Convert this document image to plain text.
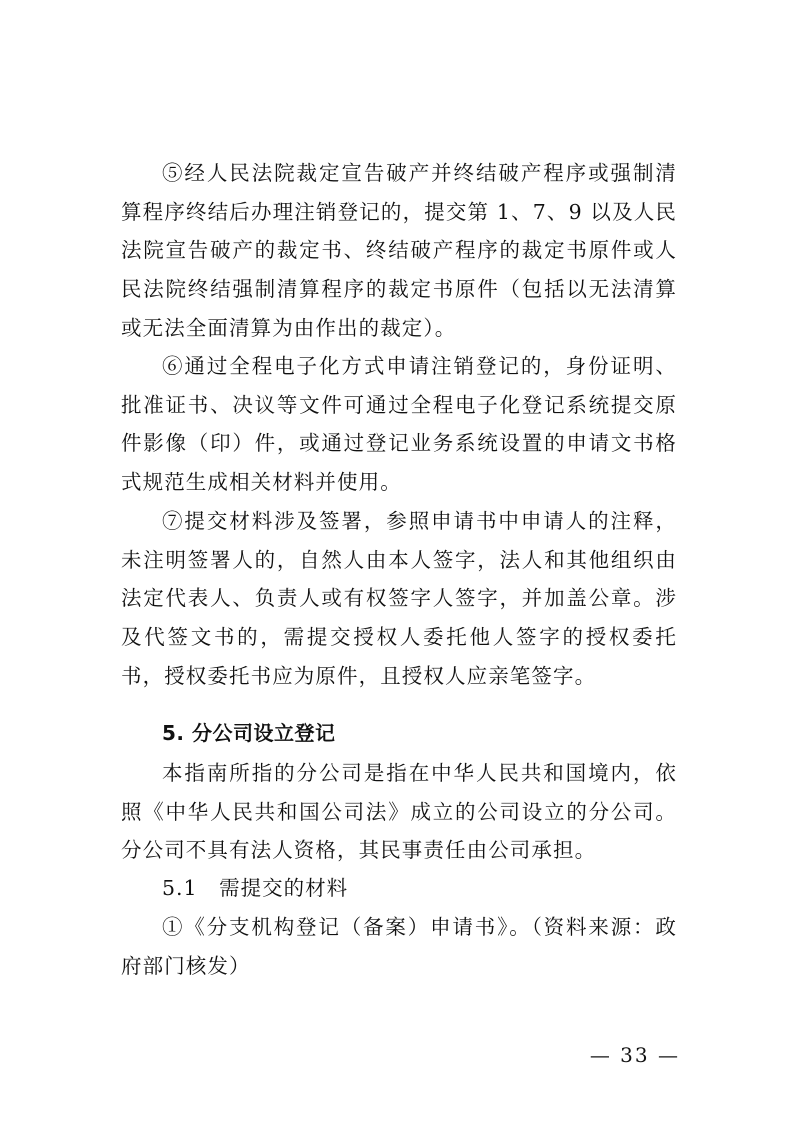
⑤经人民法院裁定宣告破产并终结破产程序或强制清算程序终结后办理注销登记的，提交第 1、7、9 以及人民法院宣告破产的裁定书、终结破产程序的裁定书原件或人民法院终结强制清算程序的裁定书原件（包括以无法清算或无法全面清算为由作出的裁定）。

⑥通过全程电子化方式申请注销登记的，身份证明、批准证书、决议等文件可通过全程电子化登记系统提交原件影像（印）件，或通过登记业务系统设置的申请文书格式规范生成相关材料并使用。

⑦提交材料涉及签署，参照申请书中申请人的注释，未注明签署人的，自然人由本人签字，法人和其他组织由法定代表人、负责人或有权签字人签字，并加盖公章。涉及代签文书的，需提交授权人委托他人签字的授权委托书，授权委托书应为原件，且授权人应亲笔签字。

5. 分公司设立登记

本指南所指的分公司是指在中华人民共和国境内，依照《中华人民共和国公司法》成立的公司设立的分公司。分公司不具有法人资格，其民事责任由公司承担。

5.1　需提交的材料

①《分支机构登记（备案）申请书》。（资料来源：政府部门核发）

— 33 —
